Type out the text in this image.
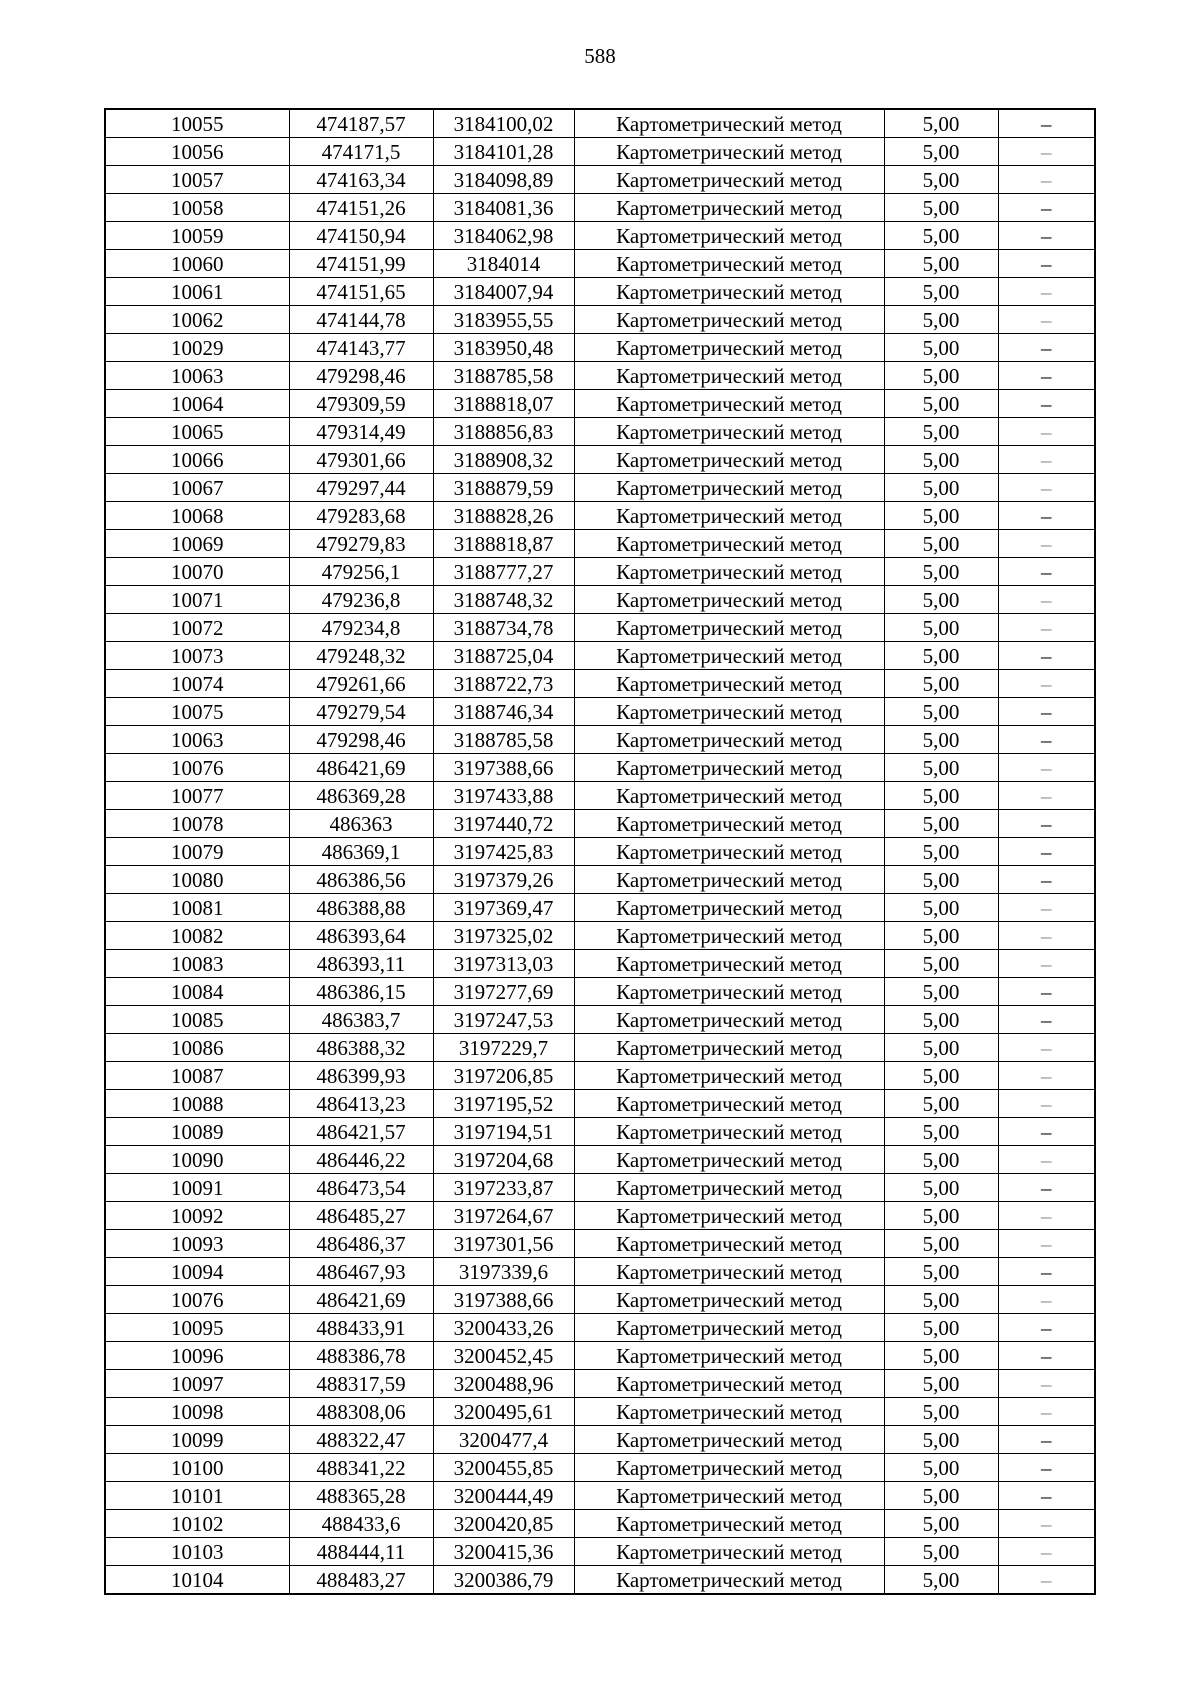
588
10055	474187,57	3184100,02	Картометрический метод	5,00	–
10056	474171,5	3184101,28	Картометрический метод	5,00	–
10057	474163,34	3184098,89	Картометрический метод	5,00	–
10058	474151,26	3184081,36	Картометрический метод	5,00	–
10059	474150,94	3184062,98	Картометрический метод	5,00	–
10060	474151,99	3184014	Картометрический метод	5,00	–
10061	474151,65	3184007,94	Картометрический метод	5,00	–
10062	474144,78	3183955,55	Картометрический метод	5,00	–
10029	474143,77	3183950,48	Картометрический метод	5,00	–
10063	479298,46	3188785,58	Картометрический метод	5,00	–
10064	479309,59	3188818,07	Картометрический метод	5,00	–
10065	479314,49	3188856,83	Картометрический метод	5,00	–
10066	479301,66	3188908,32	Картометрический метод	5,00	–
10067	479297,44	3188879,59	Картометрический метод	5,00	–
10068	479283,68	3188828,26	Картометрический метод	5,00	–
10069	479279,83	3188818,87	Картометрический метод	5,00	–
10070	479256,1	3188777,27	Картометрический метод	5,00	–
10071	479236,8	3188748,32	Картометрический метод	5,00	–
10072	479234,8	3188734,78	Картометрический метод	5,00	–
10073	479248,32	3188725,04	Картометрический метод	5,00	–
10074	479261,66	3188722,73	Картометрический метод	5,00	–
10075	479279,54	3188746,34	Картометрический метод	5,00	–
10063	479298,46	3188785,58	Картометрический метод	5,00	–
10076	486421,69	3197388,66	Картометрический метод	5,00	–
10077	486369,28	3197433,88	Картометрический метод	5,00	–
10078	486363	3197440,72	Картометрический метод	5,00	–
10079	486369,1	3197425,83	Картометрический метод	5,00	–
10080	486386,56	3197379,26	Картометрический метод	5,00	–
10081	486388,88	3197369,47	Картометрический метод	5,00	–
10082	486393,64	3197325,02	Картометрический метод	5,00	–
10083	486393,11	3197313,03	Картометрический метод	5,00	–
10084	486386,15	3197277,69	Картометрический метод	5,00	–
10085	486383,7	3197247,53	Картометрический метод	5,00	–
10086	486388,32	3197229,7	Картометрический метод	5,00	–
10087	486399,93	3197206,85	Картометрический метод	5,00	–
10088	486413,23	3197195,52	Картометрический метод	5,00	–
10089	486421,57	3197194,51	Картометрический метод	5,00	–
10090	486446,22	3197204,68	Картометрический метод	5,00	–
10091	486473,54	3197233,87	Картометрический метод	5,00	–
10092	486485,27	3197264,67	Картометрический метод	5,00	–
10093	486486,37	3197301,56	Картометрический метод	5,00	–
10094	486467,93	3197339,6	Картометрический метод	5,00	–
10076	486421,69	3197388,66	Картометрический метод	5,00	–
10095	488433,91	3200433,26	Картометрический метод	5,00	–
10096	488386,78	3200452,45	Картометрический метод	5,00	–
10097	488317,59	3200488,96	Картометрический метод	5,00	–
10098	488308,06	3200495,61	Картометрический метод	5,00	–
10099	488322,47	3200477,4	Картометрический метод	5,00	–
10100	488341,22	3200455,85	Картометрический метод	5,00	–
10101	488365,28	3200444,49	Картометрический метод	5,00	–
10102	488433,6	3200420,85	Картометрический метод	5,00	–
10103	488444,11	3200415,36	Картометрический метод	5,00	–
10104	488483,27	3200386,79	Картометрический метод	5,00	–
